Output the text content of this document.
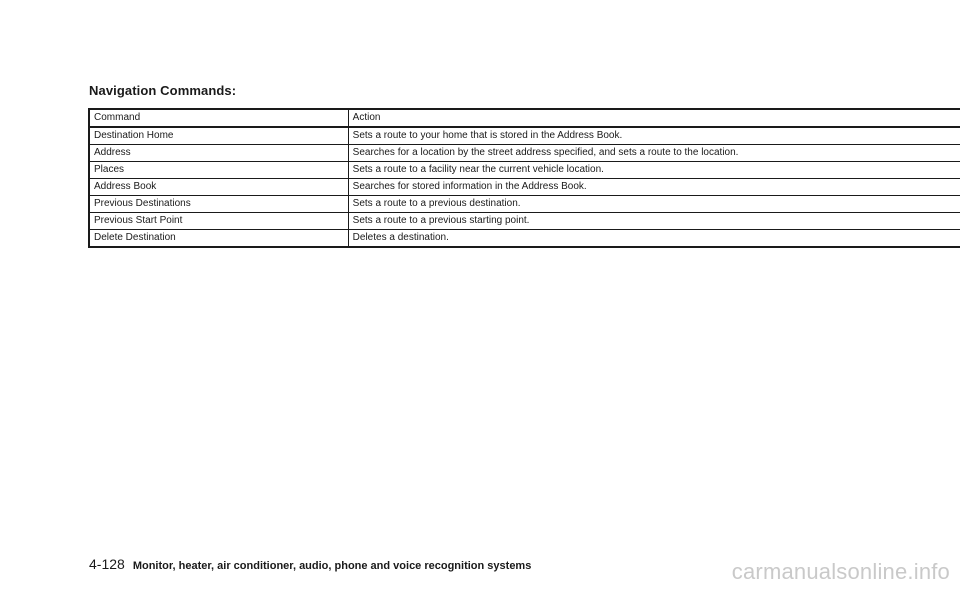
Navigation Commands:
Command	Action
Destination Home	Sets a route to your home that is stored in the Address Book.
Address	Searches for a location by the street address specified, and sets a route to the location.
Places	Sets a route to a facility near the current vehicle location.
Address Book	Searches for stored information in the Address Book.
Previous Destinations	Sets a route to a previous destination.
Previous Start Point	Sets a route to a previous starting point.
Delete Destination	Deletes a destination.
4-128 Monitor, heater, air conditioner, audio, phone and voice recognition systems	carmanualsonline.info
